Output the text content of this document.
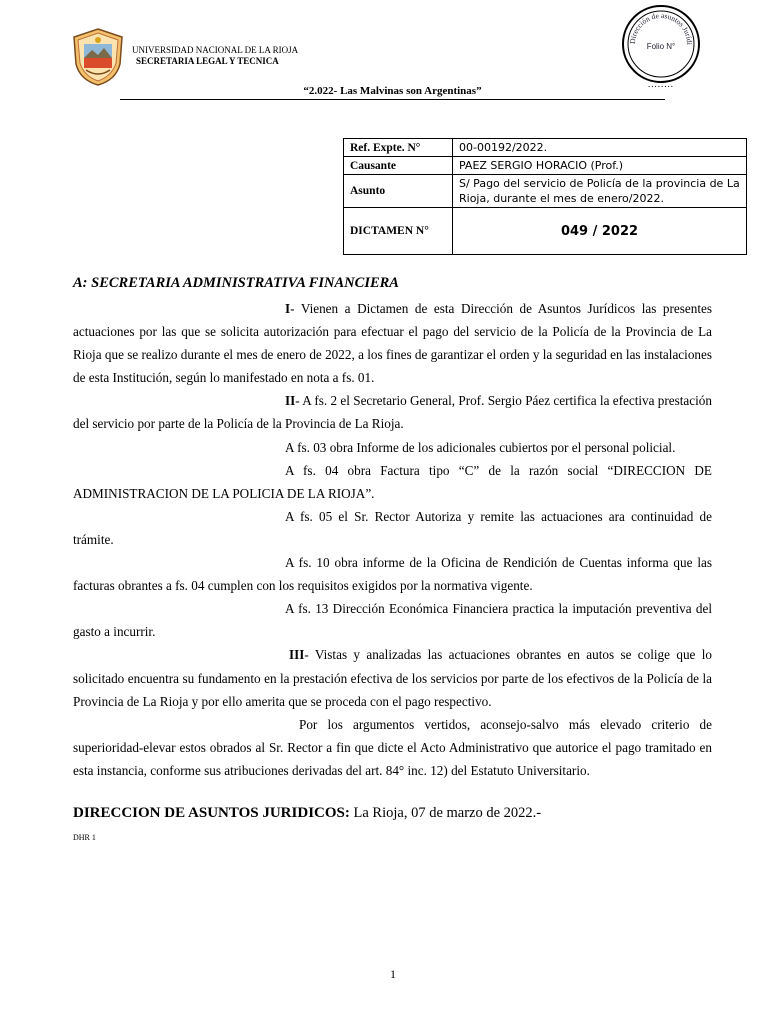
UNIVERSIDAD NACIONAL DE LA RIOJA
SECRETARIA LEGAL Y TECNICA
Dirección de asuntos Jurídi
Folio N°
........
“2.022- Las Malvinas son Argentinas”
Ref. Expte. N°	00-00192/2022.
Causante	PAEZ SERGIO HORACIO (Prof.)
Asunto	S/ Pago del servicio de Policía de la provincia de La Rioja, durante el mes de enero/2022.
DICTAMEN N°	049 / 2022
A: SECRETARIA ADMINISTRATIVA FINANCIERA

I- Vienen a Dictamen de esta Dirección de Asuntos Jurídicos las presentes actuaciones por las que se solicita autorización para efectuar el pago del servicio de la Policía de la Provincia de La Rioja que se realizo durante el mes de enero de 2022, a los fines de garantizar el orden y la seguridad en las instalaciones de esta Institución, según lo manifestado en nota a fs. 01.

II- A fs. 2 el Secretario General, Prof. Sergio Páez certifica la efectiva prestación del servicio por parte de la Policía de la Provincia de La Rioja.

A fs. 03 obra Informe de los adicionales cubiertos por el personal policial.

A fs. 04 obra Factura tipo “C” de la razón social “DIRECCION DE ADMINISTRACION DE LA POLICIA DE LA RIOJA”.

A fs. 05 el Sr. Rector Autoriza y remite las actuaciones ara continuidad de trámite.

A fs. 10 obra informe de la Oficina de Rendición de Cuentas informa que las facturas obrantes a fs. 04 cumplen con los requisitos exigidos por la normativa vigente.

A fs. 13 Dirección Económica Financiera practica la imputación preventiva del gasto a incurrir.

III- Vistas y analizadas las actuaciones obrantes en autos se colige que lo solicitado encuentra su fundamento en la prestación efectiva de los servicios por parte de los efectivos de la Policía de la Provincia de La Rioja y por ello amerita que se proceda con el pago respectivo.

Por los argumentos vertidos, aconsejo-salvo más elevado criterio de superioridad-elevar estos obrados al Sr. Rector a fin que dicte el Acto Administrativo que autorice el pago tramitado en esta instancia, conforme sus atribuciones derivadas del art. 84° inc. 12) del Estatuto Universitario.

DIRECCION DE ASUNTOS JURIDICOS: La Rioja, 07 de marzo de 2022.-
DHR 1
1
